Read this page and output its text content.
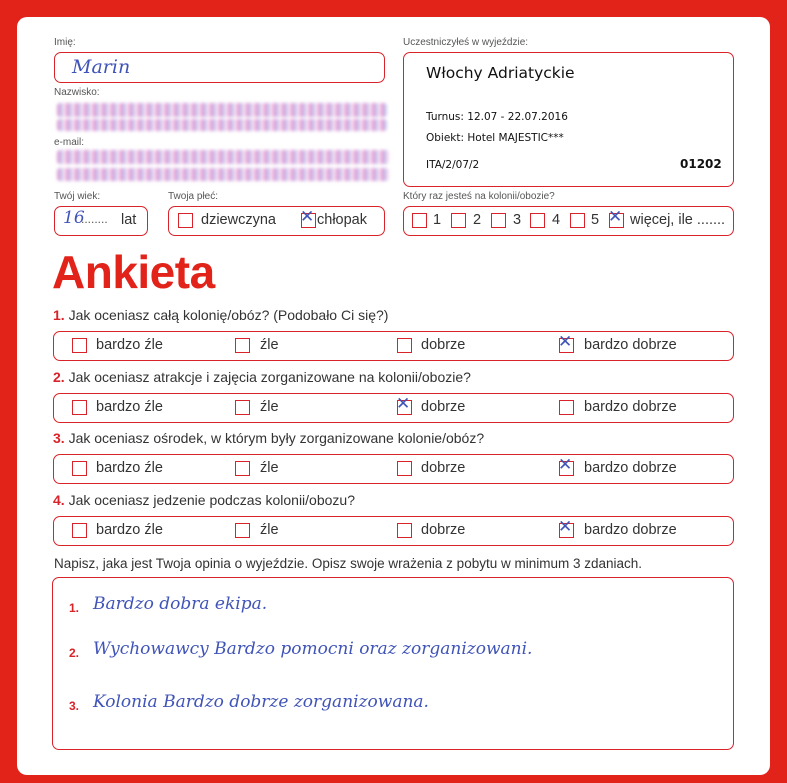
Imię:
Marin
Nazwisko:
e-mail:
Uczestniczyłeś w wyjeździe:
Włochy Adriatyckie
Turnus: 12.07 - 22.07.2016
Obiekt: Hotel MAJESTIC***
ITA/2/07/2	01202
Twój wiek:
16
........ lat
Twoja płeć:
dziewczyna ✕ chłopak
Który raz jesteś na kolonii/obozie?
1 2 3 4 5 ✕ więcej, ile .......
Ankieta
1. Jak oceniasz całą kolonię/obóz? (Podobało Ci się?)
bardzo źle	źle	dobrze	✕ bardzo dobrze
2. Jak oceniasz atrakcje i zajęcia zorganizowane na kolonii/obozie?
bardzo źle	źle	✕ dobrze	bardzo dobrze
3. Jak oceniasz ośrodek, w którym były zorganizowane kolonie/obóz?
bardzo źle	źle	dobrze	✕ bardzo dobrze
4. Jak oceniasz jedzenie podczas kolonii/obozu?
bardzo źle	źle	dobrze	✕ bardzo dobrze
Napisz, jaka jest Twoja opinia o wyjeździe. Opisz swoje wrażenia z pobytu w minimum 3 zdaniach.
1. Bardzo dobra ekipa.
2. Wychowawcy Bardzo pomocni oraz zorganizowani.
3. Kolonia Bardzo dobrze zorganizowana.
